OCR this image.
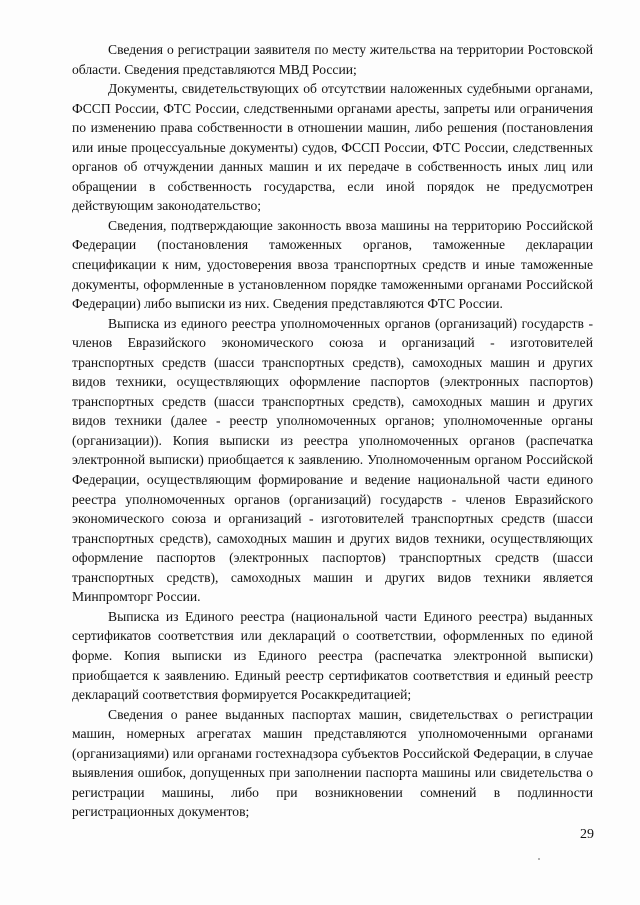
Сведения о регистрации заявителя по месту жительства на территории Ростовской области. Сведения представляются МВД России;

Документы, свидетельствующих об отсутствии наложенных судебными органами, ФССП России, ФТС России, следственными органами аресты, запреты или ограничения по изменению права собственности в отношении машин, либо решения (постановления или иные процессуальные документы) судов, ФССП России, ФТС России, следственных органов об отчуждении данных машин и их передаче в собственность иных лиц или обращении в собственность государства, если иной порядок не предусмотрен действующим законодательство;

Сведения, подтверждающие законность ввоза машины на территорию Российской Федерации (постановления таможенных органов, таможенные декларации спецификации к ним, удостоверения ввоза транспортных средств и иные таможенные документы, оформленные в установленном порядке таможенными органами Российской Федерации) либо выписки из них. Сведения представляются ФТС России.

Выписка из единого реестра уполномоченных органов (организаций) государств - членов Евразийского экономического союза и организаций - изготовителей транспортных средств (шасси транспортных средств), самоходных машин и других видов техники, осуществляющих оформление паспортов (электронных паспортов) транспортных средств (шасси транспортных средств), самоходных машин и других видов техники (далее - реестр уполномоченных органов; уполномоченные органы (организации)). Копия выписки из реестра уполномоченных органов (распечатка электронной выписки) приобщается к заявлению. Уполномоченным органом Российской Федерации, осуществляющим формирование и ведение национальной части единого реестра уполномоченных органов (организаций) государств - членов Евразийского экономического союза и организаций - изготовителей транспортных средств (шасси транспортных средств), самоходных машин и других видов техники, осуществляющих оформление паспортов (электронных паспортов) транспортных средств (шасси транспортных средств), самоходных машин и других видов техники является Минпромторг России.

Выписка из Единого реестра (национальной части Единого реестра) выданных сертификатов соответствия или деклараций о соответствии, оформленных по единой форме. Копия выписки из Единого реестра (распечатка электронной выписки) приобщается к заявлению. Единый реестр сертификатов соответствия и единый реестр деклараций соответствия формируется Росаккредитацией;

Сведения о ранее выданных паспортах машин, свидетельствах о регистрации машин, номерных агрегатах машин представляются уполномоченными органами (организациями) или органами гостехнадзора субъектов Российской Федерации, в случае выявления ошибок, допущенных при заполнении паспорта машины или свидетельства о регистрации машины, либо при возникновении сомнений в подлинности регистрационных документов;

29
